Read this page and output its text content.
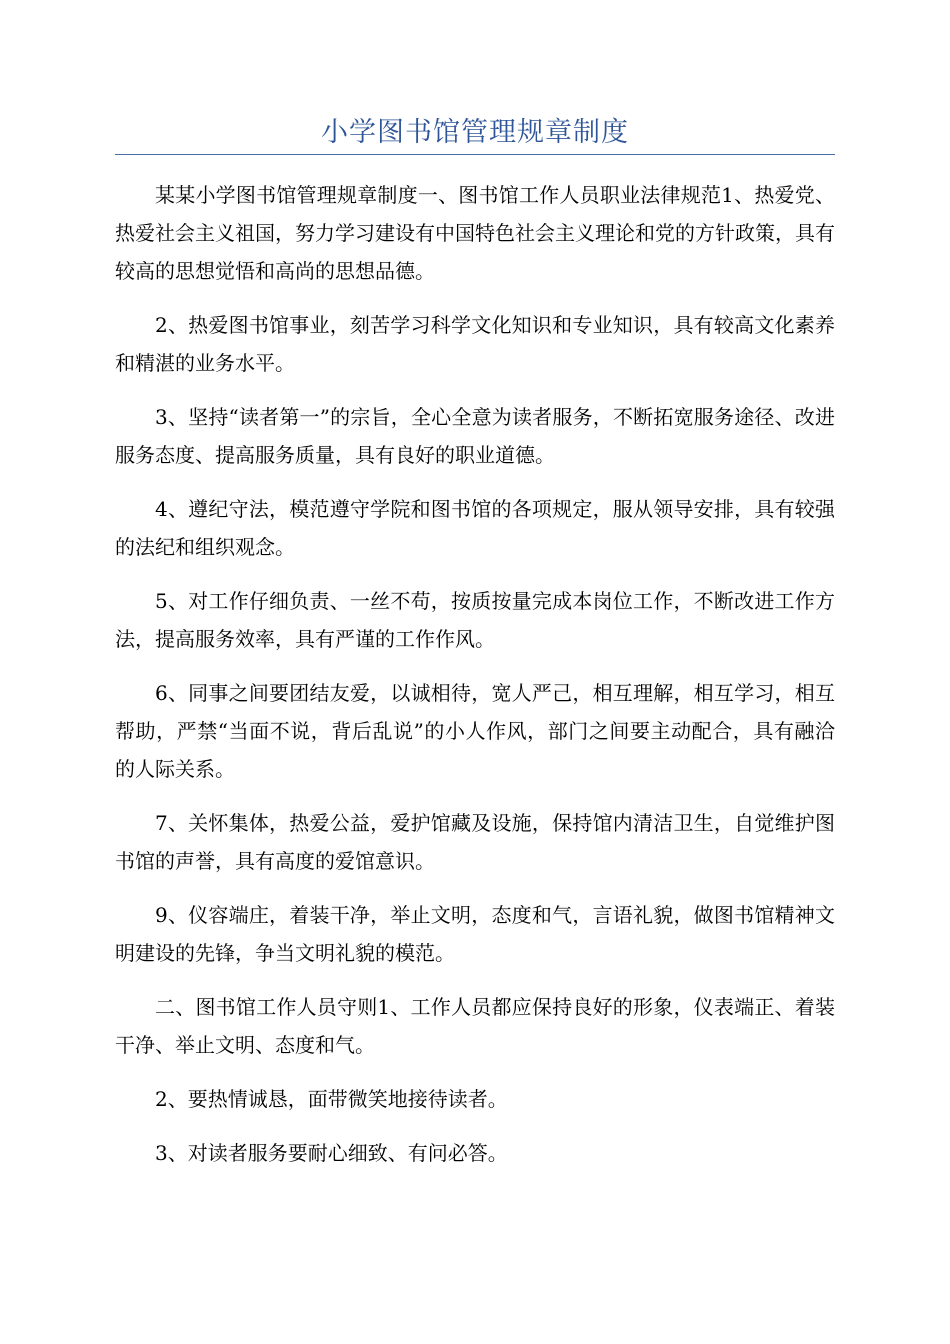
小学图书馆管理规章制度

某某小学图书馆管理规章制度一、图书馆工作人员职业法律规范1、热爱党、热爱社会主义祖国，努力学习建设有中国特色社会主义理论和党的方针政策，具有较高的思想觉悟和高尚的思想品德。

2、热爱图书馆事业，刻苦学习科学文化知识和专业知识，具有较高文化素养和精湛的业务水平。

3、坚持“读者第一”的宗旨，全心全意为读者服务，不断拓宽服务途径、改进服务态度、提高服务质量，具有良好的职业道德。

4、遵纪守法，模范遵守学院和图书馆的各项规定，服从领导安排，具有较强的法纪和组织观念。

5、对工作仔细负责、一丝不苟，按质按量完成本岗位工作，不断改进工作方法，提高服务效率，具有严谨的工作作风。

6、同事之间要团结友爱，以诚相待，宽人严己，相互理解，相互学习，相互帮助，严禁“当面不说，背后乱说”的小人作风，部门之间要主动配合，具有融洽的人际关系。

7、关怀集体，热爱公益，爱护馆藏及设施，保持馆内清洁卫生，自觉维护图书馆的声誉，具有高度的爱馆意识。

9、仪容端庄，着装干净，举止文明，态度和气，言语礼貌，做图书馆精神文明建设的先锋，争当文明礼貌的模范。

二、图书馆工作人员守则1、工作人员都应保持良好的形象，仪表端正、着装干净、举止文明、态度和气。

2、要热情诚恳，面带微笑地接待读者。

3、对读者服务要耐心细致、有问必答。
